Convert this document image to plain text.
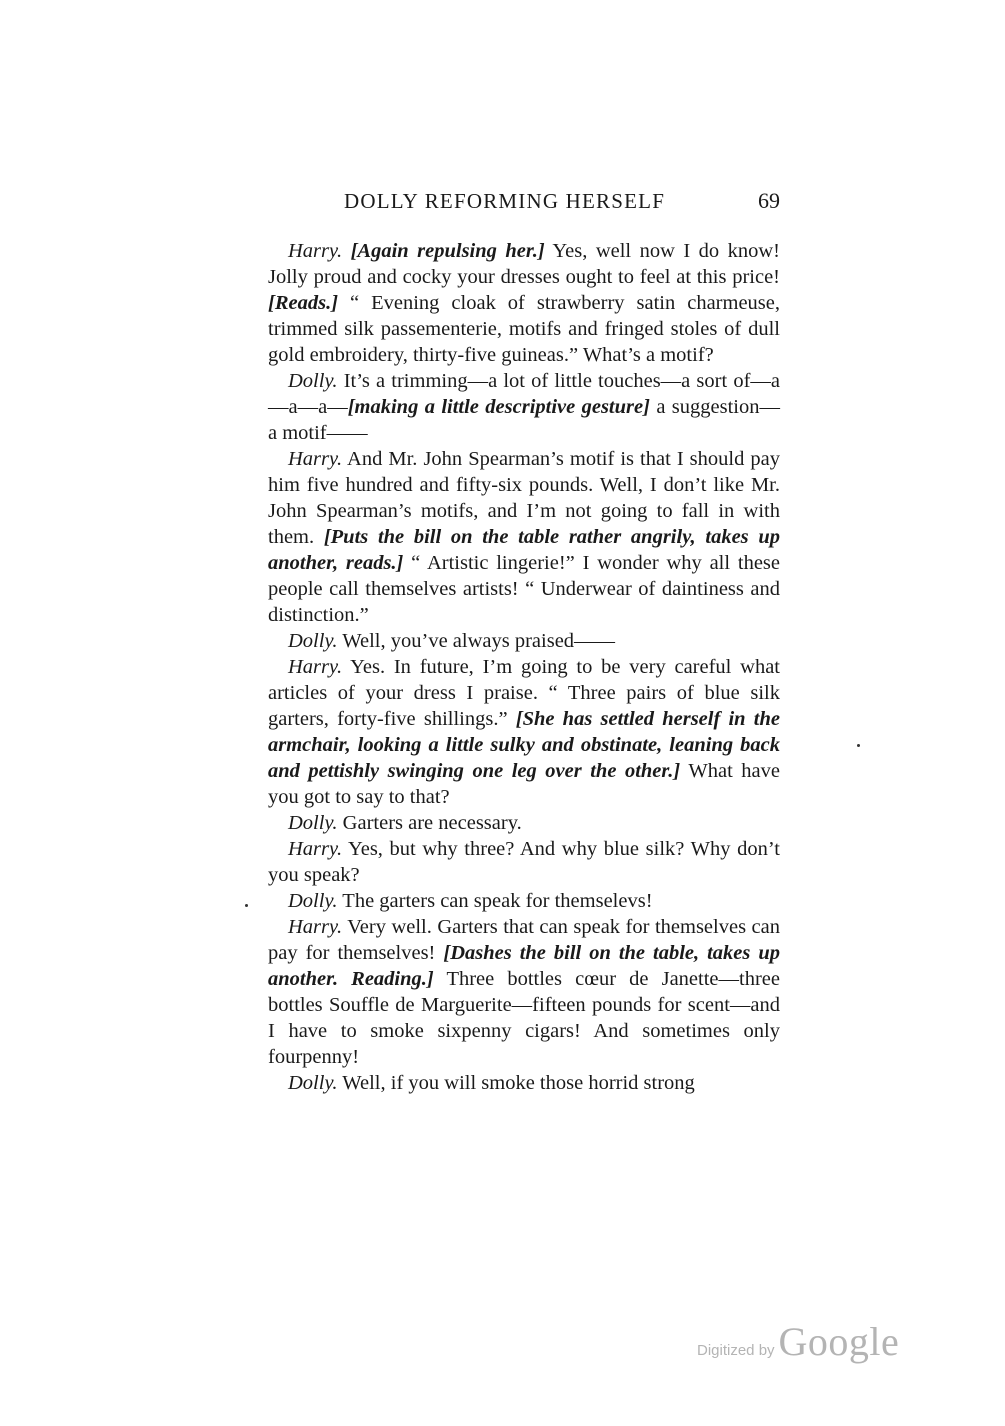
DOLLY REFORMING HERSELF	69

Harry. [Again repulsing her.] Yes, well now I do know! Jolly proud and cocky your dresses ought to feel at this price! [Reads.] “ Evening cloak of strawberry satin charmeuse, trimmed silk passementerie, motifs and fringed stoles of dull gold embroidery, thirty-five guineas.” What’s a motif?

Dolly. It’s a trimming—a lot of little touches—a sort of—a—a—a—[making a little descriptive gesture] a suggestion—a motif——

Harry. And Mr. John Spearman’s motif is that I should pay him five hundred and fifty-six pounds. Well, I don’t like Mr. John Spearman’s motifs, and I’m not going to fall in with them. [Puts the bill on the table rather angrily, takes up another, reads.] “ Artistic lingerie!” I wonder why all these people call themselves artists! “ Underwear of daintiness and distinction.”

Dolly. Well, you’ve always praised——

Harry. Yes. In future, I’m going to be very careful what articles of your dress I praise. “ Three pairs of blue silk garters, forty-five shillings.” [She has settled herself in the armchair, looking a little sulky and obstinate, leaning back and pettishly swinging one leg over the other.] What have you got to say to that?

Dolly. Garters are necessary.

Harry. Yes, but why three? And why blue silk? Why don’t you speak?

Dolly. The garters can speak for themselevs!

Harry. Very well. Garters that can speak for themselves can pay for themselves! [Dashes the bill on the table, takes up another. Reading.] Three bottles cœur de Janette—three bottles Souffle de Marguerite—fifteen pounds for scent—and I have to smoke sixpenny cigars! And sometimes only fourpenny!

Dolly. Well, if you will smoke those horrid strong

Digitized by Google
